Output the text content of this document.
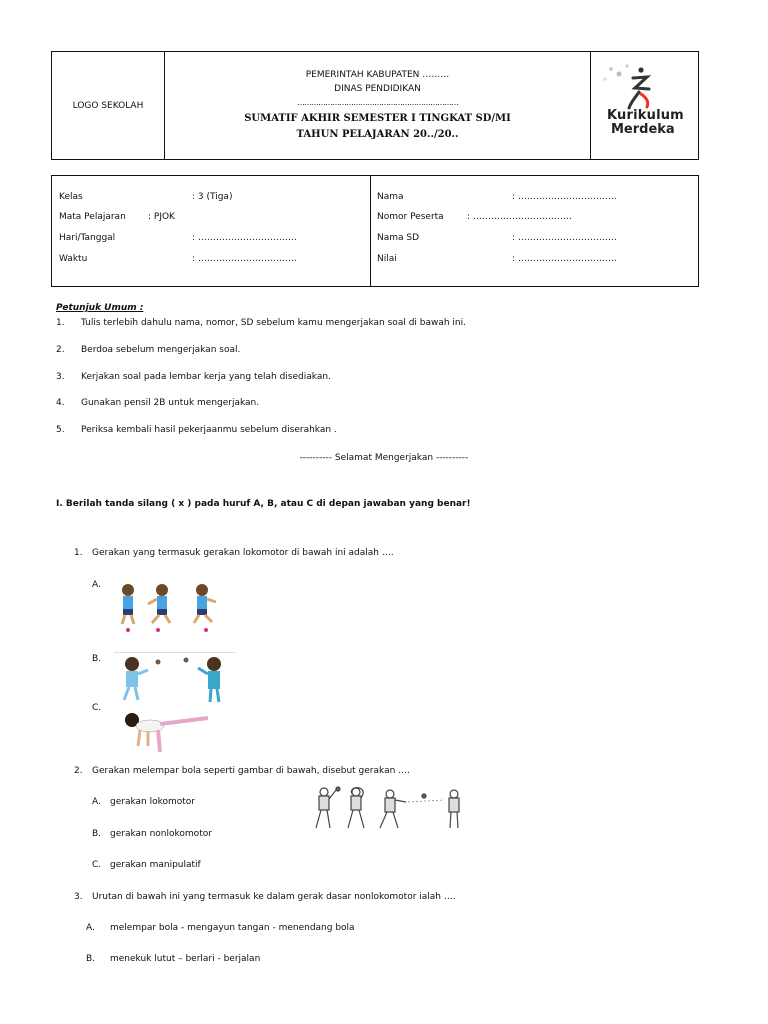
LOGO SEKOLAH
PEMERINTAH KABUPATEN ………
DINAS PENDIDIKAN
……………………………………………………………
SUMATIF AKHIR SEMESTER I TINGKAT SD/MI
TAHUN PELAJARAN 20../20..
Kurikulum
Merdeka
Kelas	: 3 (Tiga)
Mata Pelajaran : PJOK
Hari/Tanggal	: ……………………………
Waktu	: ……………………………
Nama	: ……………………………
Nomor Peserta	: ……………………………
Nama SD	: ……………………………
Nilai	: ……………………………
Petunjuk Umum :
1. Tulis terlebih dahulu nama, nomor, SD sebelum kamu mengerjakan soal di bawah ini.
2. Berdoa sebelum mengerjakan soal.
3. Kerjakan soal pada lembar kerja yang telah disediakan.
4. Gunakan pensil 2B untuk mengerjakan.
5. Periksa kembali hasil pekerjaanmu sebelum diserahkan .
---------- Selamat Mengerjakan ----------
I. Berilah tanda silang ( x ) pada huruf A, B, atau C di depan jawaban yang benar!
1. Gerakan yang termasuk gerakan lokomotor di bawah ini adalah ….
A.
B.
C.
2. Gerakan melempar bola seperti gambar di bawah, disebut gerakan ….
A. gerakan lokomotor
B. gerakan nonlokomotor
C. gerakan manipulatif
3. Urutan di bawah ini yang termasuk ke dalam gerak dasar nonlokomotor ialah ….
A. melempar bola - mengayun tangan - menendang bola
B. menekuk lutut – berlari - berjalan
